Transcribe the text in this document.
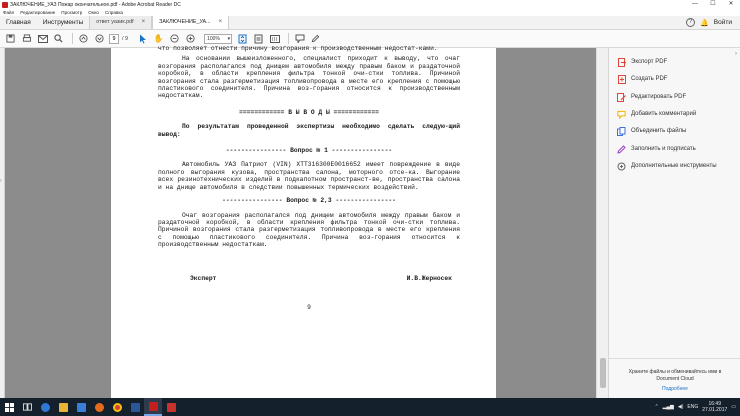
ЗАКЛЮЧЕНИЕ_УАЗ Пожар окончательное.pdf - Adobe Acrobat Reader DC	—	☐	✕
Файл Редактирование Просмотр Окно Справка
Главная	Инструменты	ответ уазик.pdf ×	ЗАКЛЮЧЕНИЕ_УА... ×	?	🔔 Войти
9	/ 9	✋	100% ▾
›

что позволяет отнести причину возгорания к производственным недостат-ками.

На основании вышеизложенного, специалист приходит к выводу, что очаг возгорания располагался под днищем автомобиля между правым баком и раздаточной коробкой, в области крепления фильтра тонкой очи-стки топлива. Причиной возгорания стала разгерметизация топливопровода в месте его крепления с помощью пластикового соединителя. Причина воз-горания относится к производственным недостаткам.

============ В Ы В О Д Ы ============

По результатам проведенной экспертизы необходимо сделать следую-щий вывод:

---------------- Вопрос № 1 ----------------

Автомобиль УАЗ Патриот (VIN) XTT316300E0016652 имеет повреждение в виде полного выгорания кузова, пространства салона, моторного отсе-ка. Выгорание всех резинотехнических изделий в подкапотном пространст-ве, пространства салона и на днище автомобиля в следствии повышенных термических воздействий.

---------------- Вопрос № 2,3 ----------------

Очаг возгорания располагался под днищем автомобиля между правым баком и раздаточной коробкой, в области крепления фильтра тонкой очи-стки топлива. Причиной возгорания стала разгерметизация топливопровода в месте его крепления с помощью пластикового соединителя. Причина воз-горания относится к производственным недостаткам.

Эксперт	И.В.Жерносек

9

›
Экспорт PDF
Создать PDF
Редактировать PDF
Добавить комментарий
Объединить файлы
Заполнить и подписать
Дополнительные инструменты
Храните файлы и обменивайтесь ими в
Document Cloud
Подробнее
⌃ ▂▄▆ ◀) ENG	16:49
27.01.2017 ▭
